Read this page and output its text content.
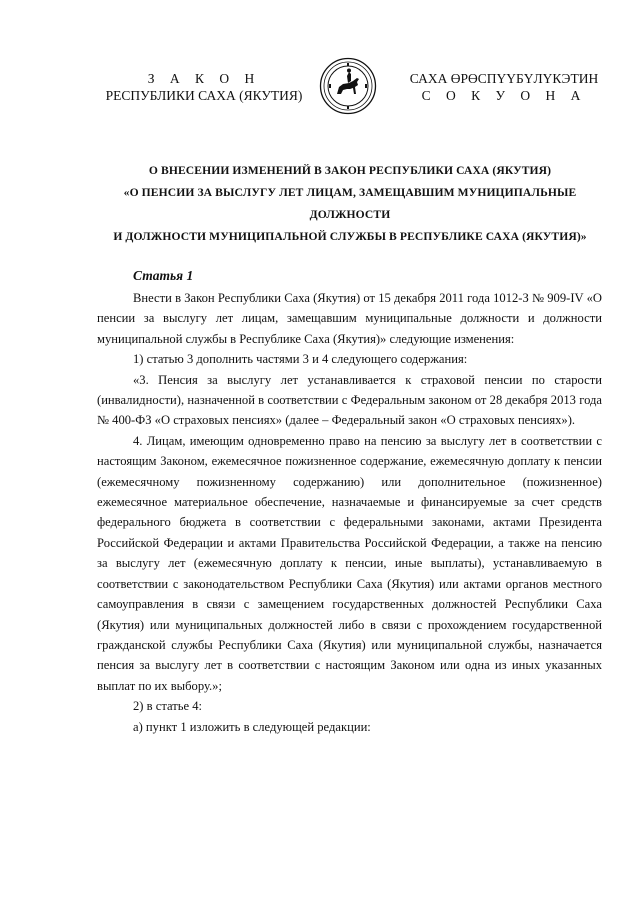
З А К О Н
РЕСПУБЛИКИ САХА (ЯКУТИЯ)
САХА ӨРӨСПҮҮБҮЛҮКЭТИН
С О К У О Н А
О ВНЕСЕНИИ ИЗМЕНЕНИЙ В ЗАКОН РЕСПУБЛИКИ САХА (ЯКУТИЯ)
«О ПЕНСИИ ЗА ВЫСЛУГУ ЛЕТ ЛИЦАМ, ЗАМЕЩАВШИМ МУНИЦИПАЛЬНЫЕ ДОЛЖНОСТИ
И ДОЛЖНОСТИ МУНИЦИПАЛЬНОЙ СЛУЖБЫ В РЕСПУБЛИКЕ САХА (ЯКУТИЯ)»
Статья 1

Внести в Закон Республики Саха (Якутия) от 15 декабря 2011 года 1012-З № 909-IV «О пенсии за выслугу лет лицам, замещавшим муниципальные должности и должности муниципальной службы в Республике Саха (Якутия)» следующие изменения:

1) статью 3 дополнить частями 3 и 4 следующего содержания:

«3. Пенсия за выслугу лет устанавливается к страховой пенсии по старости (инвалидности), назначенной в соответствии с Федеральным законом от 28 декабря 2013 года № 400-ФЗ «О страховых пенсиях» (далее – Федеральный закон «О страховых пенсиях»).

4. Лицам, имеющим одновременно право на пенсию за выслугу лет в соответствии с настоящим Законом, ежемесячное пожизненное содержание, ежемесячную доплату к пенсии (ежемесячному пожизненному содержанию) или дополнительное (пожизненное) ежемесячное материальное обеспечение, назначаемые и финансируемые за счет средств федерального бюджета в соответствии с федеральными законами, актами Президента Российской Федерации и актами Правительства Российской Федерации, а также на пенсию за выслугу лет (ежемесячную доплату к пенсии, иные выплаты), устанавливаемую в соответствии с законодательством Республики Саха (Якутия) или актами органов местного самоуправления в связи с замещением государственных должностей Республики Саха (Якутия) или муниципальных должностей либо в связи с прохождением государственной гражданской службы Республики Саха (Якутия) или муниципальной службы, назначается пенсия за выслугу лет в соответствии с настоящим Законом или одна из иных указанных выплат по их выбору.»;

2) в статье 4:

а) пункт 1 изложить в следующей редакции:
